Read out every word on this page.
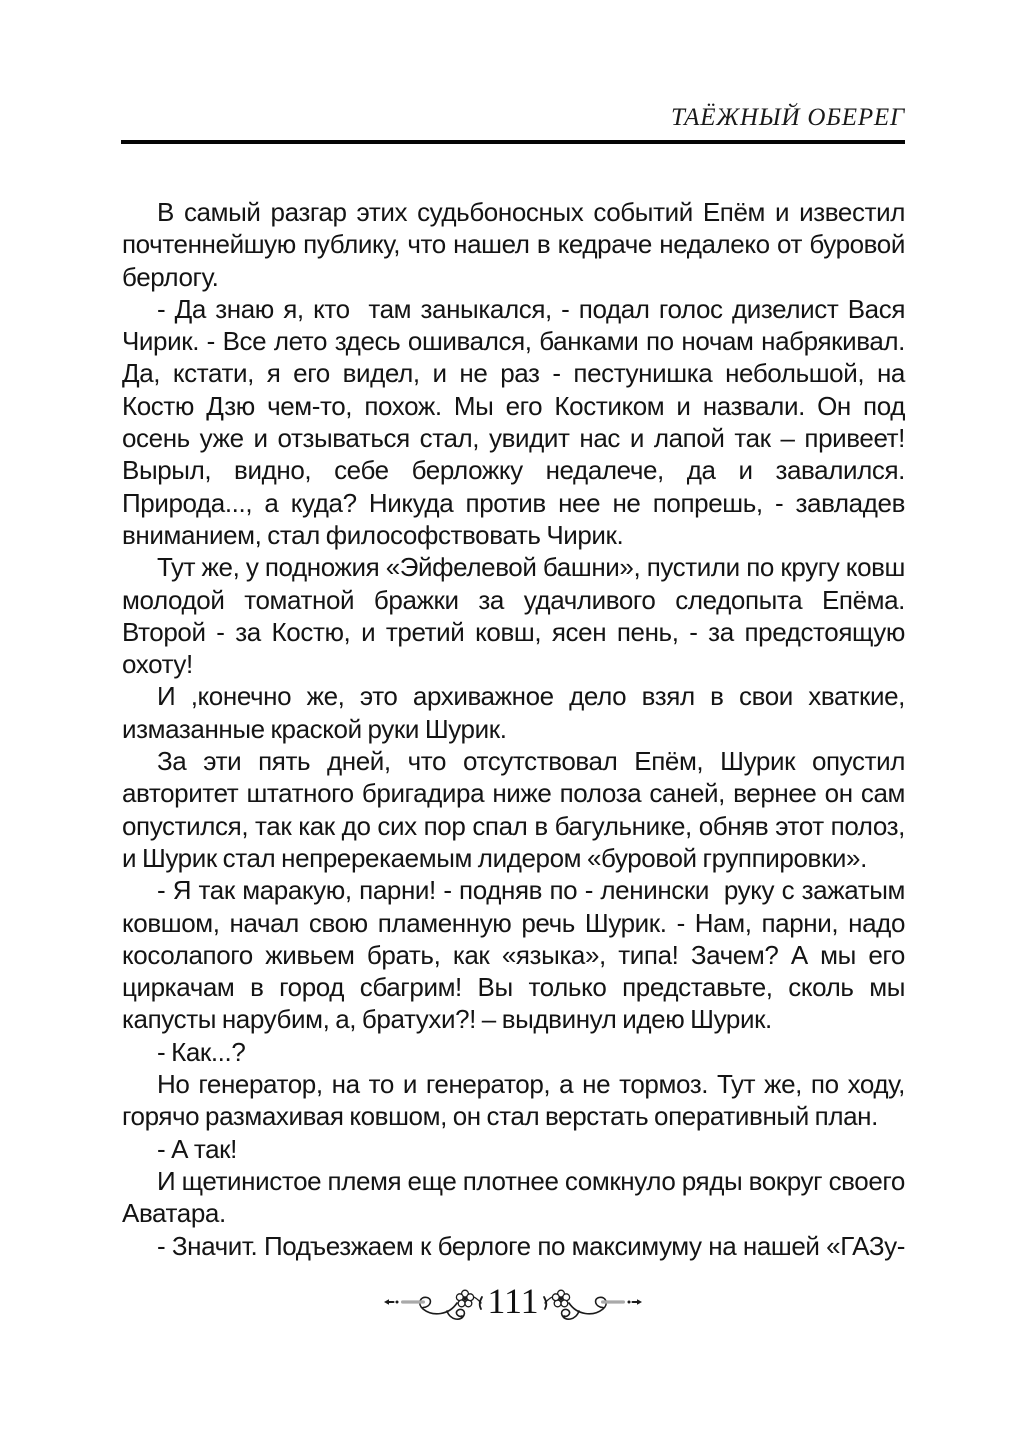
ТАЁЖНЫЙ ОБЕРЕГ

В самый разгар этих судьбоносных событий Епём и известил почтеннейшую публику, что нашел в кедраче недалеко от буровой берлогу.

- Да знаю я, кто  там заныкался, - подал голос дизелист Вася Чирик. - Все лето здесь ошивался, банками по ночам набрякивал. Да, кстати, я его видел, и не раз - пестунишка небольшой, на Костю Дзю чем-то, похож. Мы его Костиком и назвали. Он под осень уже и отзываться стал, увидит нас и лапой так – привеет! Вырыл, видно, себе берложку недалече, да и завалился. Природа..., а куда? Никуда против нее не попрешь, - завладев вниманием, стал философствовать Чирик.

Тут же, у подножия «Эйфелевой башни», пустили по кругу ковш молодой томатной бражки за удачливого следопыта Епёма. Второй - за Костю, и третий ковш, ясен пень, - за предстоящую охоту!

И ,конечно же, это архиважное дело взял в свои хваткие, измазанные краской руки Шурик.

За эти пять дней, что отсутствовал Епём, Шурик опустил авторитет штатного бригадира ниже полоза саней, вернее он сам опустился, так как до сих пор спал в багульнике, обняв этот полоз, и Шурик стал непререкаемым лидером «буровой группировки».

- Я так маракую, парни! - подняв по - ленински  руку с зажатым ковшом, начал свою пламенную речь Шурик. - Нам, парни, надо косолапого живьем брать, как «языка», типа! Зачем? А мы его циркачам в город сбагрим! Вы только представьте, сколь мы капусты нарубим, а, братухи?! – выдвинул идею Шурик.

- Как...?

Но генератор, на то и генератор, а не тормоз. Тут же, по ходу, горячо размахивая ковшом, он стал верстать оперативный план.

- А так!

И щетинистое племя еще плотнее сомкнуло ряды вокруг своего Аватара.

- Значит. Подъезжаем к берлоге по максимуму на нашей «ГАЗу-

111
